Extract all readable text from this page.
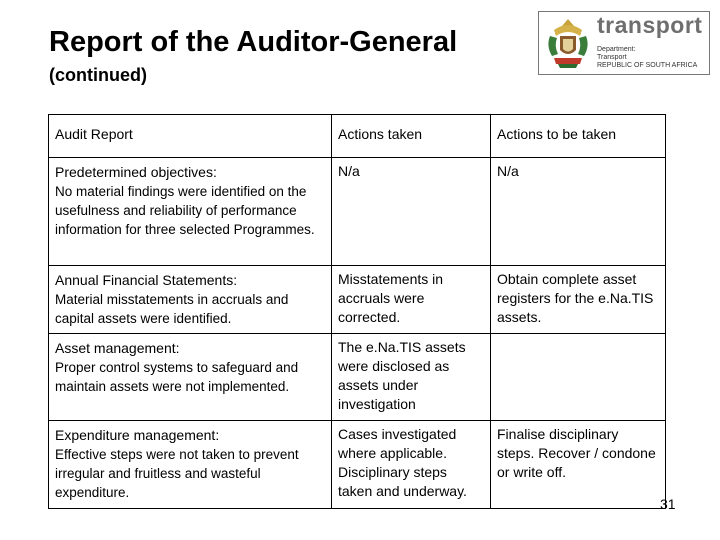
Report of the Auditor-General
(continued)
transport
Department:
Transport
REPUBLIC OF SOUTH AFRICA
Audit Report	Actions taken	Actions to be taken

Predetermined objectives:
No material findings were identified on the usefulness and reliability of performance information for three selected Programmes.	N/a	N/a

Annual Financial Statements:
Material misstatements in accruals and capital assets were identified.	Misstatements in accruals were corrected.	Obtain complete asset registers for the e.Na.TIS assets.

Asset management:
Proper control systems to safeguard and maintain assets were not implemented.	The e.Na.TIS assets were disclosed as assets under investigation	

Expenditure management:
Effective steps were not taken to prevent irregular and fruitless and wasteful expenditure.	Cases investigated where applicable. Disciplinary steps taken and underway.	Finalise disciplinary steps. Recover / condone or write off.
31
